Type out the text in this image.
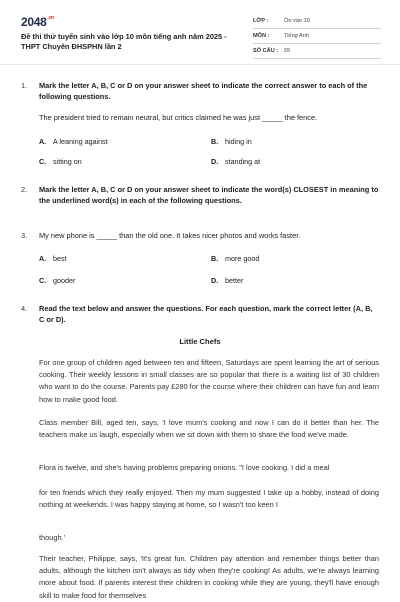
$2048^{.vn}$
Đề thi thử tuyển sinh vào lớp 10 môn tiếng anh năm 2025 - THPT Chuyên ĐHSPHN lần 2
LỚP :	Ôn vào 10
MÔN :	Tiếng Anh
SỐ CÂU : 55
1.	Mark the letter A, B, C or D on your answer sheet to indicate the correct answer to each of the following questions.
The president tried to remain neutral, but critics claimed he was just _____ the fence.
A. A leaning against	B. hiding in
C. sitting on	D. standing at
2.	Mark the letter A, B, C or D on your answer sheet to indicate the word(s) CLOSEST in meaning to the underlined word(s) in each of the following questions.
3.	My new phone is _____ than the old one. It takes nicer photos and works faster.
A. best	B. more good
C. gooder	D. better
4.	Read the text below and answer the questions. For each question, mark the correct letter (A, B, C or D).
Little Chefs
For one group of children aged between ten and fifteen, Saturdays are spent learning the art of serious cooking. Their weekly lessons in small classes are so popular that there is a waiting list of 30 children who want to do the course. Parents pay £280 for the course where their children can have fun and learn how to make good food.
Class member Bill, aged ten, says, 'I love mum's cooking and now I can do it better than her. The teachers make us laugh, especially when we sit down with them to share the food we've made.
Flora is twelve, and she's having problems preparing onions. "I love cooking. I did a meal
for ten friends which they really enjoyed. Then my mum suggested I take up a hobby, instead of doing nothing at weekends. I was happy staying at home, so I wasn't too keen I
though.'
Their teacher, Philippe, says, 'It's great fun. Children pay attention and remember things better than adults, although the kitchen isn't always as tidy when they're cooking! As adults, we're always learning more about food. If parents interest their children in cooking while they are young, they'll have enough skill to make food for themselves
